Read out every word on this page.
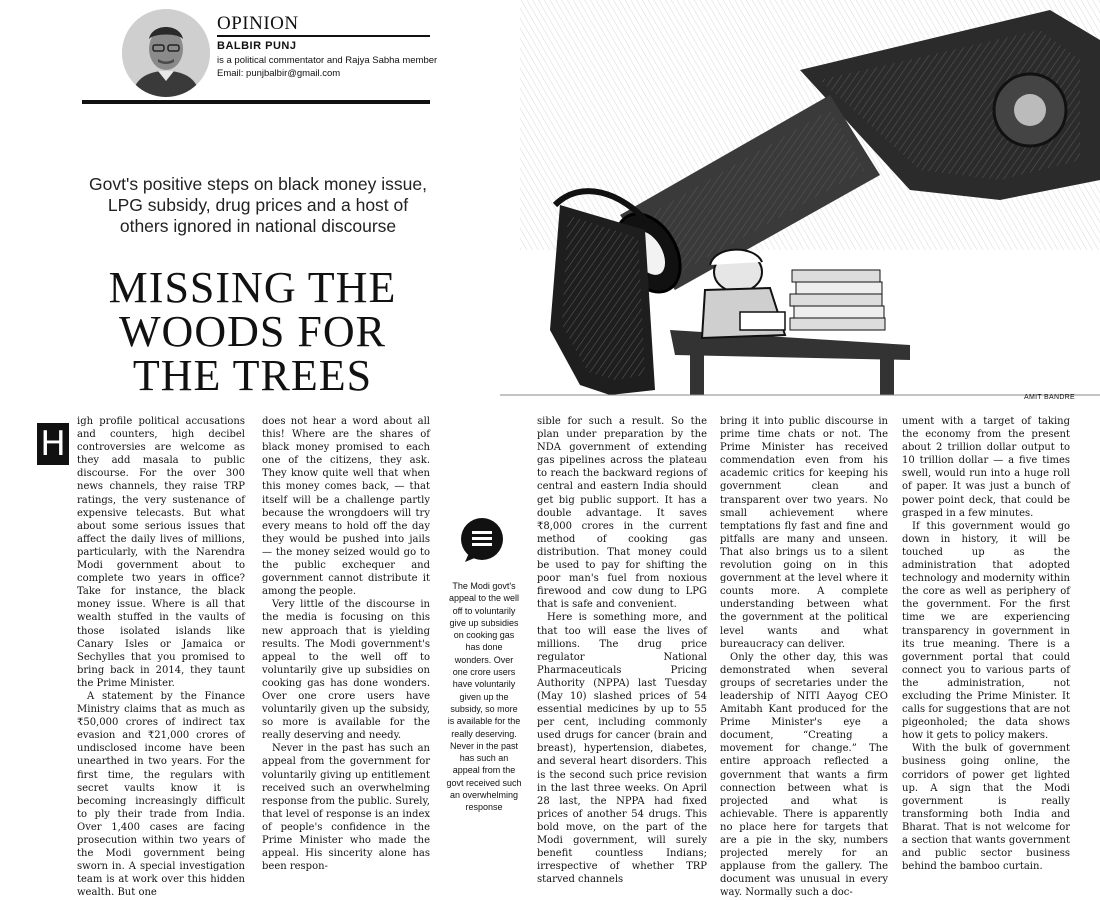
OPINION
BALBIR PUNJ
is a political commentator and Rajya Sabha member
Email: punjbalbir@gmail.com
Govt's positive steps on black money issue, LPG subsidy, drug prices and a host of others ignored in national discourse
MISSING THE WOODS FOR THE TREES	AMIT BANDRE
H

igh profile political accusations and counters, high decibel controversies are welcome as they add masala to public discourse. For the over 300 news channels, they raise TRP ratings, the very sustenance of expensive telecasts. But what about some serious issues that affect the daily lives of millions, particularly, with the Narendra Modi government about to complete two years in office? Take for instance, the black money issue. Where is all that wealth stuffed in the vaults of those isolated islands like Canary Isles or Jamaica or Sechylles that you promised to bring back in 2014, they taunt the Prime Minister.

A statement by the Finance Ministry claims that as much as ₹50,000 crores of indirect tax evasion and ₹21,000 crores of undisclosed income have been unearthed in two years. For the first time, the regulars with secret vaults know it is becoming increasingly difficult to ply their trade from India. Over 1,400 cases are facing prosecution within two years of the Modi government being sworn in. A special investigation team is at work over this hidden wealth. But one

does not hear a word about all this! Where are the shares of black money promised to each one of the citizens, they ask. They know quite well that when this money comes back, — that itself will be a challenge partly because the wrongdoers will try every means to hold off the day they would be pushed into jails — the money seized would go to the public exchequer and government cannot distribute it among the people.

Very little of the discourse in the media is focusing on this new approach that is yielding results. The Modi government's appeal to the well off to voluntarily give up subsidies on cooking gas has done wonders. Over one crore users have voluntarily given up the subsidy, so more is available for the really deserving and needy.

Never in the past has such an appeal from the government for voluntarily giving up entitlement received such an overwhelming response from the public. Surely, that level of response is an index of people's confidence in the Prime Minister who made the appeal. His sincerity alone has been respon-

The Modi govt's appeal to the well off to voluntarily give up subsidies on cooking gas has done wonders. Over one crore users have voluntarily given up the subsidy, so more is available for the really deserving. Never in the past has such an appeal from the govt received such an overwhelming response

sible for such a result. So the plan under preparation by the NDA government of extending gas pipelines across the plateau to reach the backward regions of central and eastern India should get big public support. It has a double advantage. It saves ₹8,000 crores in the current method of cooking gas distribution. That money could be used to pay for shifting the poor man's fuel from noxious firewood and cow dung to LPG that is safe and convenient.

Here is something more, and that too will ease the lives of millions. The drug price regulator National Pharmaceuticals Pricing Authority (NPPA) last Tuesday (May 10) slashed prices of 54 essential medicines by up to 55 per cent, including commonly used drugs for cancer (brain and breast), hypertension, diabetes, and several heart disorders. This is the second such price revision in the last three weeks. On April 28 last, the NPPA had fixed prices of another 54 drugs. This bold move, on the part of the Modi government, will surely benefit countless Indians; irrespective of whether TRP starved channels

bring it into public discourse in prime time chats or not. The Prime Minister has received commendation even from his academic critics for keeping his government clean and transparent over two years. No small achievement where temptations fly fast and fine and pitfalls are many and unseen. That also brings us to a silent revolution going on in this government at the level where it counts more. A complete understanding between what the government at the political level wants and what bureaucracy can deliver.

Only the other day, this was demonstrated when several groups of secretaries under the leadership of NITI Aayog CEO Amitabh Kant produced for the Prime Minister's eye a document, “Creating a movement for change.” The entire approach reflected a government that wants a firm connection between what is projected and what is achievable. There is apparently no place here for targets that are a pie in the sky, numbers projected merely for an applause from the gallery. The document was unusual in every way. Normally such a doc-

ument with a target of taking the economy from the present about 2 trillion dollar output to 10 trillion dollar — a five times swell, would run into a huge roll of paper. It was just a bunch of power point deck, that could be grasped in a few minutes.

If this government would go down in history, it will be touched up as the administration that adopted technology and modernity within the core as well as periphery of the government. For the first time we are experiencing transparency in government in its true meaning. There is a government portal that could connect you to various parts of the administration, not excluding the Prime Minister. It calls for suggestions that are not pigeonholed; the data shows how it gets to policy makers.

With the bulk of government business going online, the corridors of power get lighted up. A sign that the Modi government is really transforming both India and Bharat. That is not welcome for a section that wants government and public sector business behind the bamboo curtain.
